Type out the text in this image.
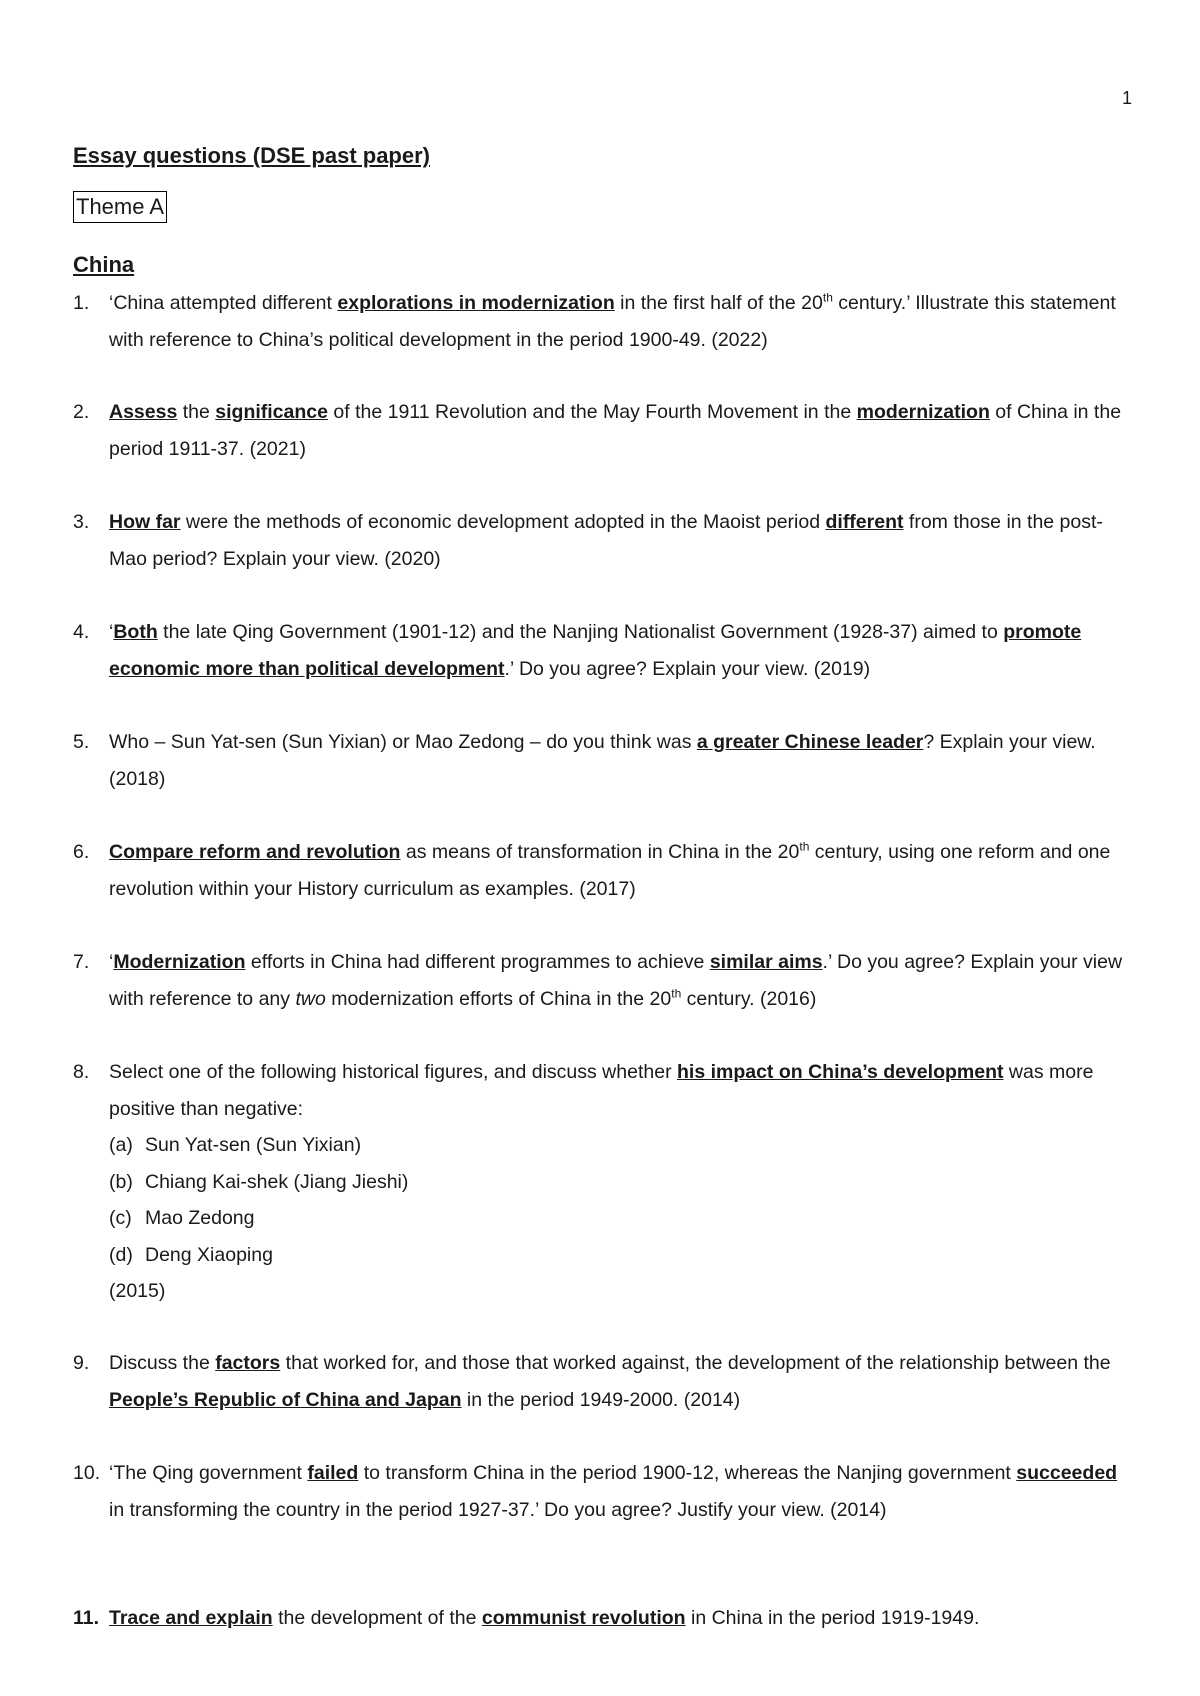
1
Essay questions (DSE past paper)
Theme A
China
1. ‘China attempted different explorations in modernization in the first half of the 20th century.’ Illustrate this statement with reference to China’s political development in the period 1900-49. (2022)
2. Assess the significance of the 1911 Revolution and the May Fourth Movement in the modernization of China in the period 1911-37. (2021)
3. How far were the methods of economic development adopted in the Maoist period different from those in the post-Mao period? Explain your view. (2020)
4. ‘Both the late Qing Government (1901-12) and the Nanjing Nationalist Government (1928-37) aimed to promote economic more than political development.’ Do you agree? Explain your view. (2019)
5. Who – Sun Yat-sen (Sun Yixian) or Mao Zedong – do you think was a greater Chinese leader? Explain your view. (2018)
6. Compare reform and revolution as means of transformation in China in the 20th century, using one reform and one revolution within your History curriculum as examples. (2017)
7. ‘Modernization efforts in China had different programmes to achieve similar aims.’ Do you agree? Explain your view with reference to any two modernization efforts of China in the 20th century. (2016)
8. Select one of the following historical figures, and discuss whether his impact on China’s development was more positive than negative:
(a) Sun Yat-sen (Sun Yixian)
(b) Chiang Kai-shek (Jiang Jieshi)
(c) Mao Zedong
(d) Deng Xiaoping
(2015)
9. Discuss the factors that worked for, and those that worked against, the development of the relationship between the People’s Republic of China and Japan in the period 1949-2000. (2014)
10. ‘The Qing government failed to transform China in the period 1900-12, whereas the Nanjing government succeeded in transforming the country in the period 1927-37.’ Do you agree? Justify your view. (2014)
11. Trace and explain the development of the communist revolution in China in the period 1919-1949.
